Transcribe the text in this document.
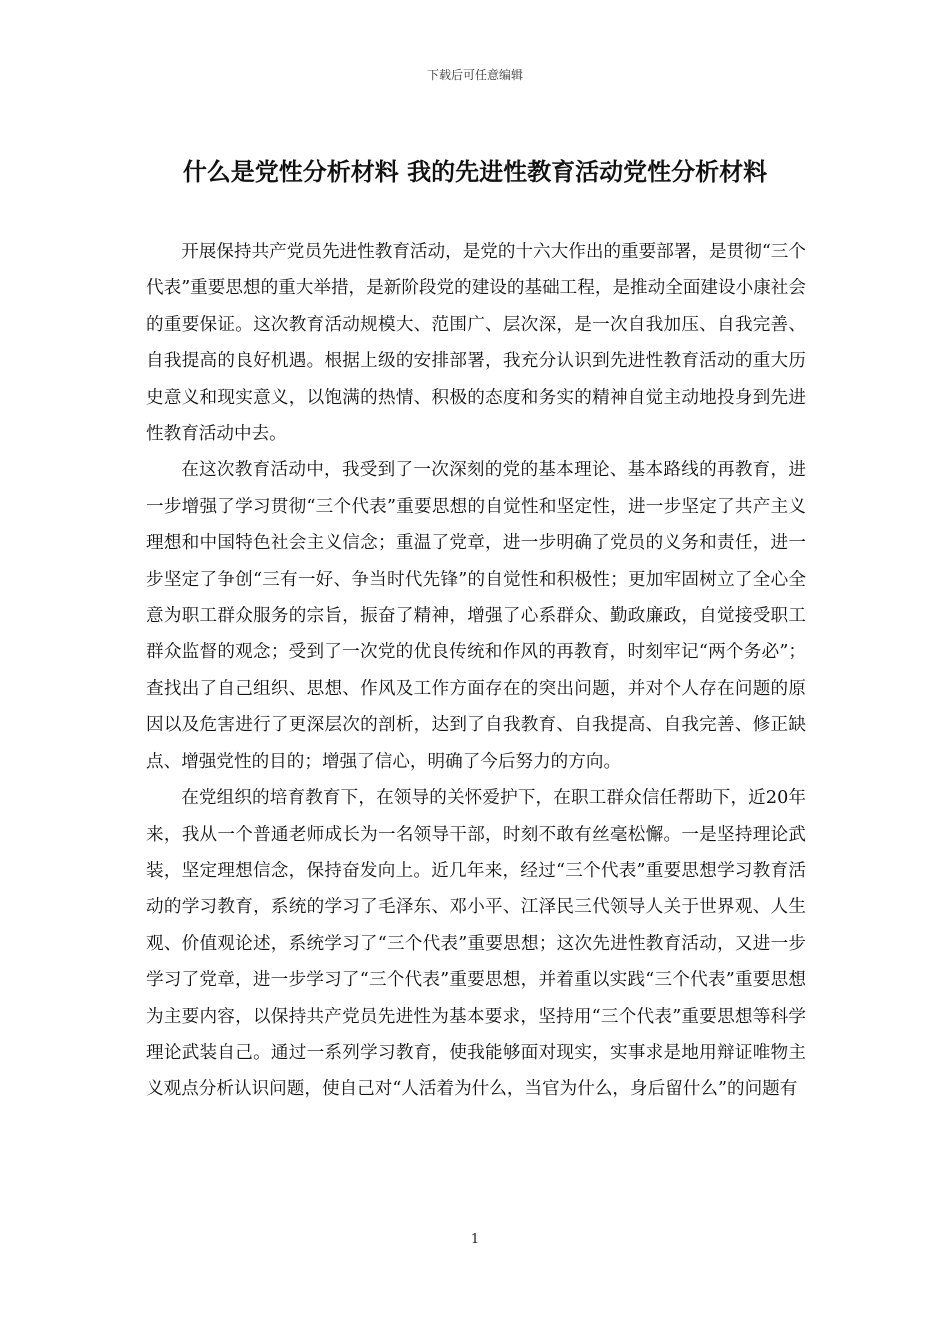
下载后可任意编辑
什么是党性分析材料 我的先进性教育活动党性分析材料

开展保持共产党员先进性教育活动，是党的十六大作出的重要部署，是贯彻“三个代表”重要思想的重大举措，是新阶段党的建设的基础工程，是推动全面建设小康社会的重要保证。这次教育活动规模大、范围广、层次深，是一次自我加压、自我完善、自我提高的良好机遇。根据上级的安排部署，我充分认识到先进性教育活动的重大历史意义和现实意义，以饱满的热情、积极的态度和务实的精神自觉主动地投身到先进性教育活动中去。

在这次教育活动中，我受到了一次深刻的党的基本理论、基本路线的再教育，进一步增强了学习贯彻“三个代表”重要思想的自觉性和坚定性，进一步坚定了共产主义理想和中国特色社会主义信念；重温了党章，进一步明确了党员的义务和责任，进一步坚定了争创“三有一好、争当时代先锋”的自觉性和积极性；更加牢固树立了全心全意为职工群众服务的宗旨，振奋了精神，增强了心系群众、勤政廉政，自觉接受职工群众监督的观念；受到了一次党的优良传统和作风的再教育，时刻牢记“两个务必”；查找出了自己组织、思想、作风及工作方面存在的突出问题，并对个人存在问题的原因以及危害进行了更深层次的剖析，达到了自我教育、自我提高、自我完善、修正缺点、增强党性的目的；增强了信心，明确了今后努力的方向。

在党组织的培育教育下，在领导的关怀爱护下，在职工群众信任帮助下，近20年来，我从一个普通老师成长为一名领导干部，时刻不敢有丝毫松懈。一是坚持理论武装，坚定理想信念，保持奋发向上。近几年来，经过“三个代表”重要思想学习教育活动的学习教育，系统的学习了毛泽东、邓小平、江泽民三代领导人关于世界观、人生观、价值观论述，系统学习了“三个代表”重要思想；这次先进性教育活动，又进一步学习了党章，进一步学习了“三个代表”重要思想，并着重以实践“三个代表”重要思想为主要内容，以保持共产党员先进性为基本要求，坚持用“三个代表”重要思想等科学理论武装自己。通过一系列学习教育，使我能够面对现实，实事求是地用辩证唯物主义观点分析认识问题，使自己对“人活着为什么，当官为什么，身后留什么”的问题有

1
